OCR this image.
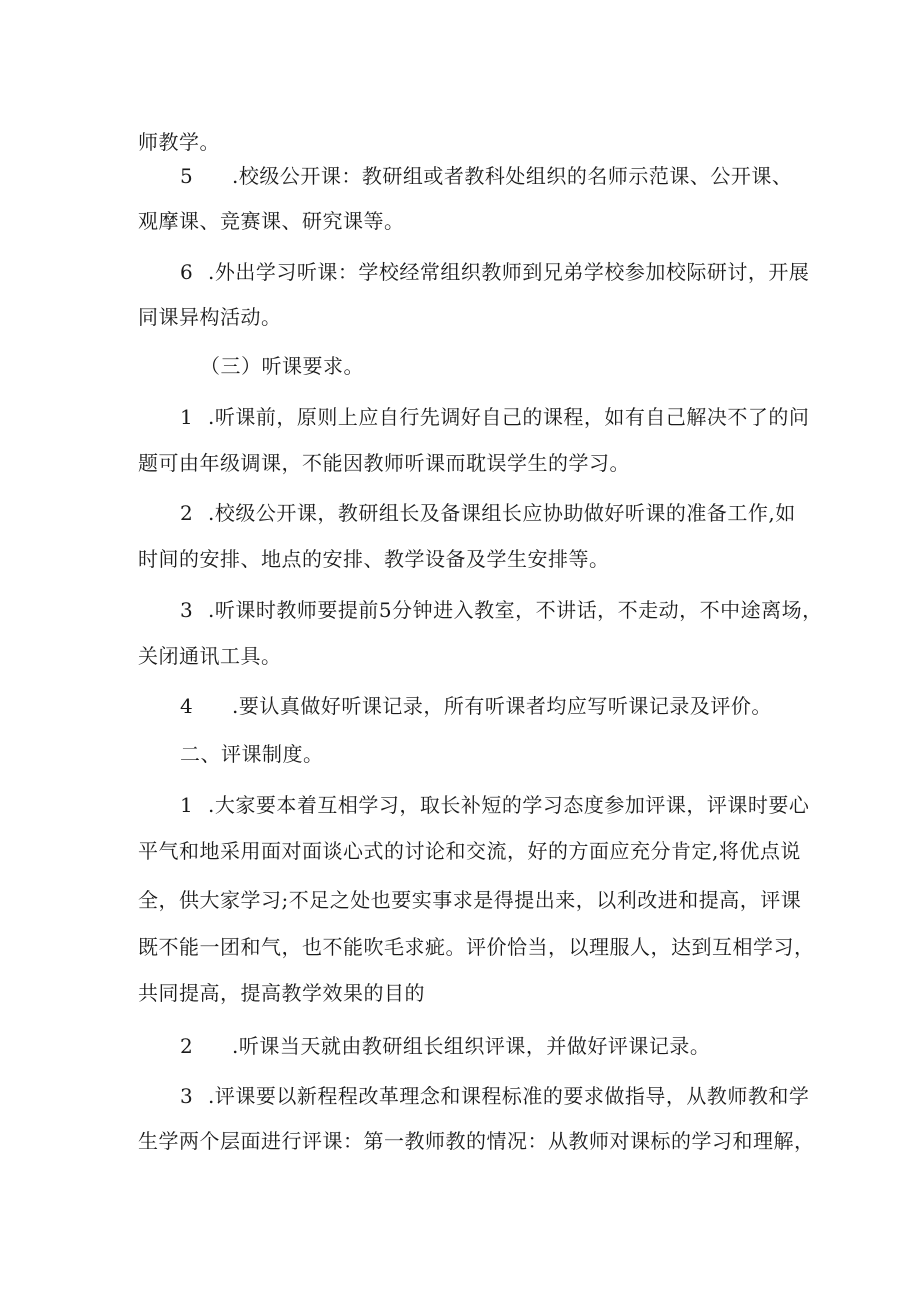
师教学。
5 .校级公开课：教研组或者教科处组织的名师示范课、公开课、
观摩课、竞赛课、研究课等。
6 .外出学习听课：学校经常组织教师到兄弟学校参加校际研讨，开展
同课异构活动。
（三）听课要求。
1 .听课前，原则上应自行先调好自己的课程，如有自己解决不了的问
题可由年级调课，不能因教师听课而耽误学生的学习。
2 .校级公开课，教研组长及备课组长应协助做好听课的准备工作,如
时间的安排、地点的安排、教学设备及学生安排等。
3 .听课时教师要提前5分钟进入教室，不讲话，不走动，不中途离场，
关闭通讯工具。
4 .要认真做好听课记录，所有听课者均应写听课记录及评价。
二、评课制度。
1 .大家要本着互相学习，取长补短的学习态度参加评课，评课时要心
平气和地采用面对面谈心式的讨论和交流，好的方面应充分肯定,将优点说
全，供大家学习;不足之处也要实事求是得提出来，以利改进和提高，评课
既不能一团和气，也不能吹毛求疵。评价恰当，以理服人，达到互相学习，
共同提高，提高教学效果的目的
2 .听课当天就由教研组长组织评课，并做好评课记录。
3 .评课要以新程程改革理念和课程标准的要求做指导，从教师教和学
生学两个层面进行评课：第一教师教的情况：从教师对课标的学习和理解，
